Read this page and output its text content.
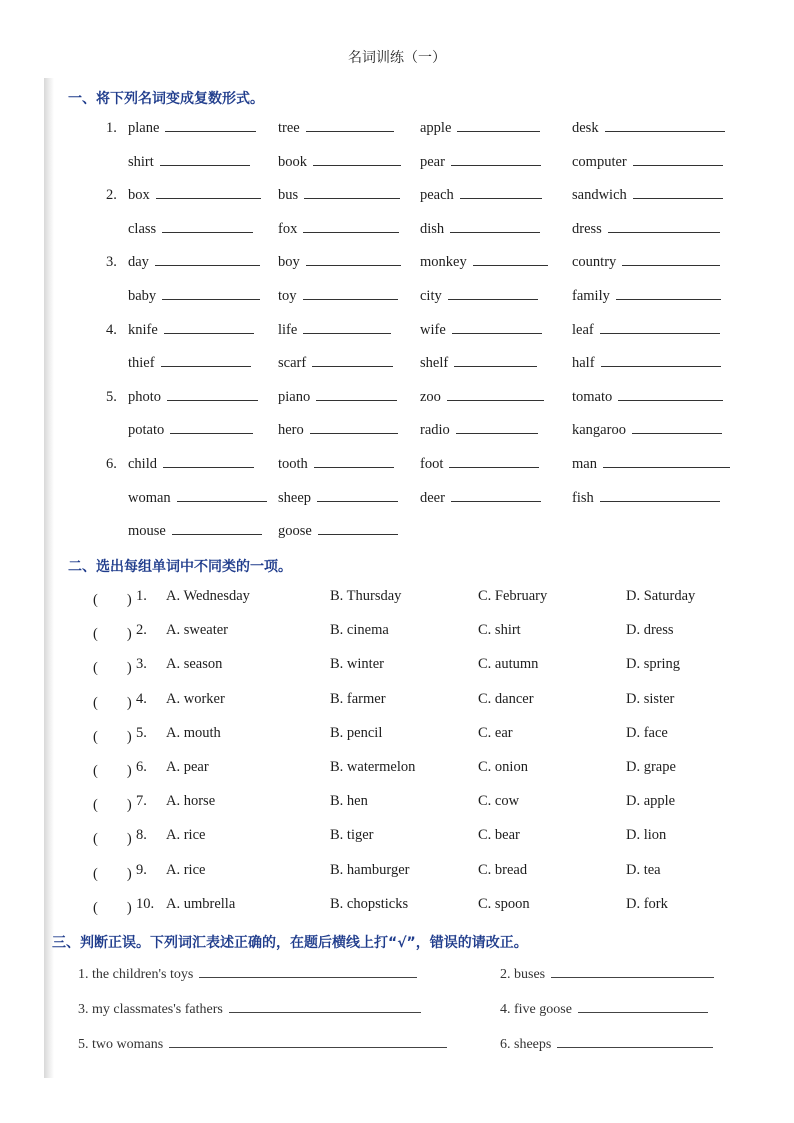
名词训练（一）
一、将下列名词变成复数形式。
1. plane	tree	apple	desk
shirt	book	pear	computer
2. box	bus	peach	sandwich
class	fox	dish	dress
3. day	boy	monkey	country
baby	toy	city	family
4. knife	life	wife	leaf
thief	scarf	shelf	half
5. photo	piano	zoo	tomato
potato	hero	radio	kangaroo
6. child	tooth	foot	man
woman	sheep	deer	fish
mouse	goose
二、选出每组单词中不同类的一项。
(　　) 1. A. Wednesday	B. Thursday	C. February	D. Saturday
(　　) 2. A. sweater	B. cinema	C. shirt	D. dress
(　　) 3. A. season	B. winter	C. autumn	D. spring
(　　) 4. A. worker	B. farmer	C. dancer	D. sister
(　　) 5. A. mouth	B. pencil	C. ear	D. face
(　　) 6. A. pear	B. watermelon	C. onion	D. grape
(　　) 7. A. horse	B. hen	C. cow	D. apple
(　　) 8. A. rice	B. tiger	C. bear	D. lion
(　　) 9. A. rice	B. hamburger	C. bread	D. tea
(　　) 10. A. umbrella	B. chopsticks	C. spoon	D. fork
三、判断正误。下列词汇表述正确的，在题后横线上打“√”，错误的请改正。
1. the children's toys	2. buses
3. my classmates's fathers	4. five goose
5. two womans	6. sheeps
